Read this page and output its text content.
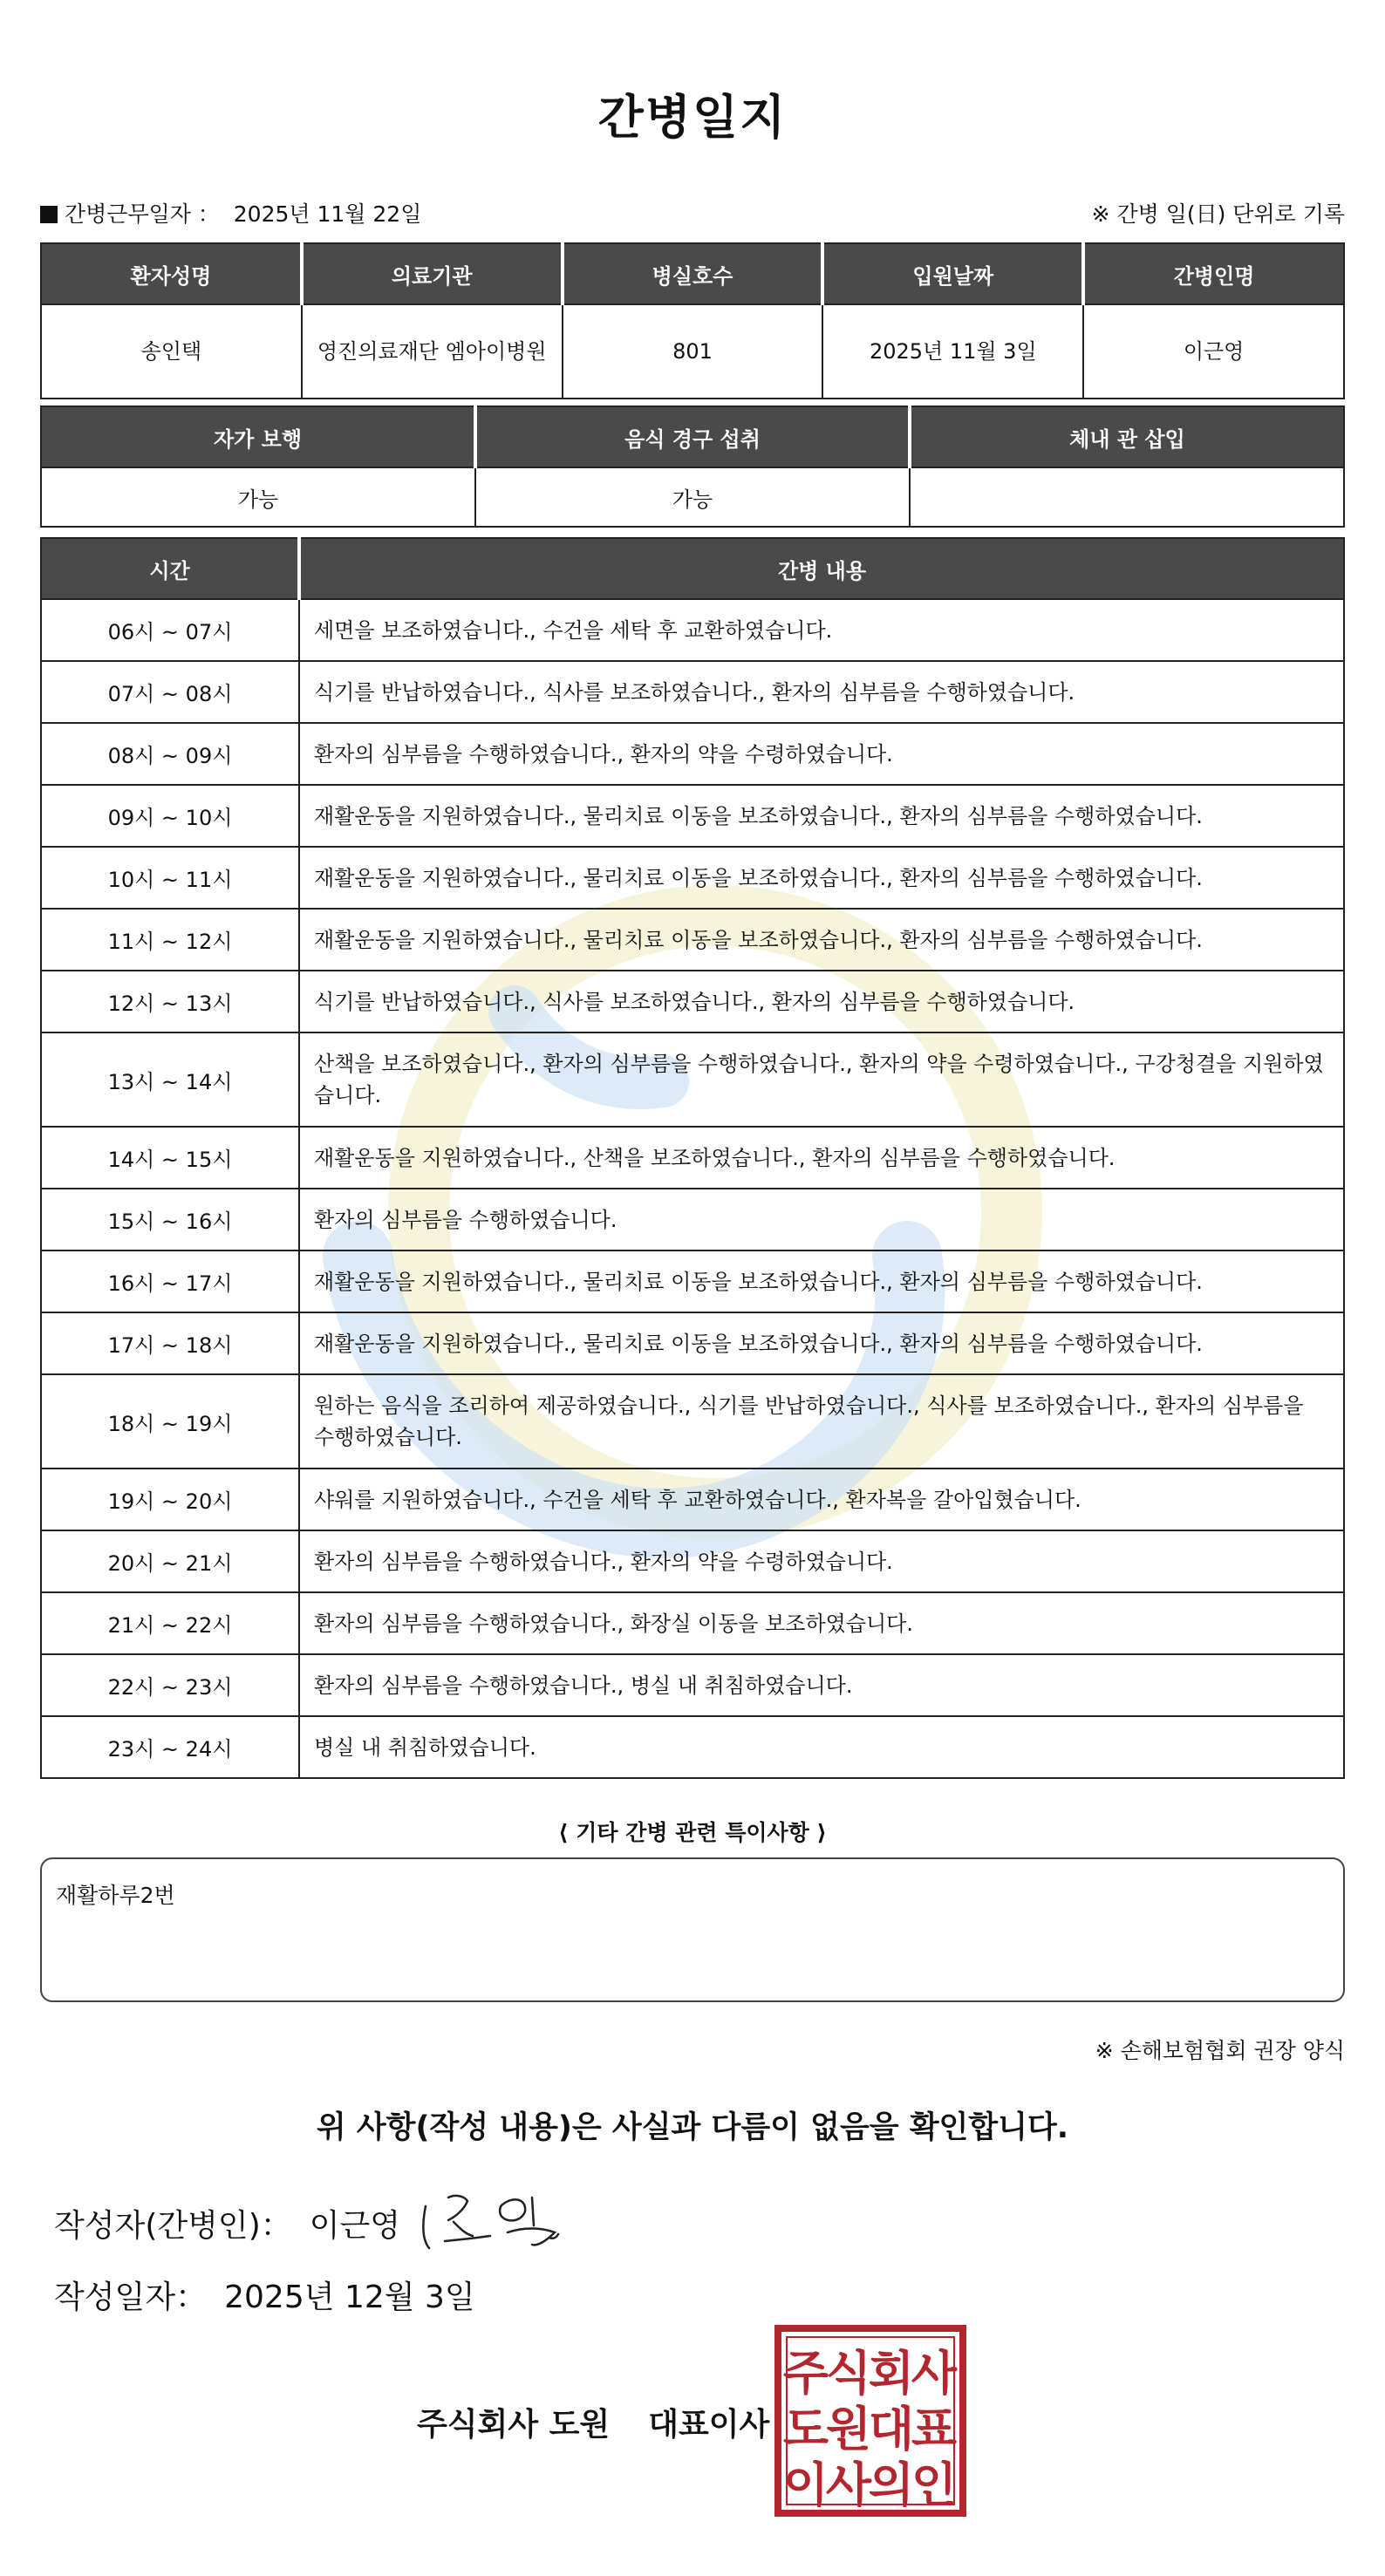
간병일지
간병근무일자 ： 2025년 11월 22일	※ 간병 일(日) 단위로 기록
환자성명	의료기관	병실호수	입원날짜	간병인명
송인택	영진의료재단 엠아이병원	801	2025년 11월 3일	이근영
자가 보행	음식 경구 섭취	체내 관 삽입
가능	가능	
시간	간병 내용
06시 ~ 07시	세면을 보조하였습니다., 수건을 세탁 후 교환하였습니다.
07시 ~ 08시	식기를 반납하였습니다., 식사를 보조하였습니다., 환자의 심부름을 수행하였습니다.
08시 ~ 09시	환자의 심부름을 수행하였습니다., 환자의 약을 수령하였습니다.
09시 ~ 10시	재활운동을 지원하였습니다., 물리치료 이동을 보조하였습니다., 환자의 심부름을 수행하였습니다.
10시 ~ 11시	재활운동을 지원하였습니다., 물리치료 이동을 보조하였습니다., 환자의 심부름을 수행하였습니다.
11시 ~ 12시	재활운동을 지원하였습니다., 물리치료 이동을 보조하였습니다., 환자의 심부름을 수행하였습니다.
12시 ~ 13시	식기를 반납하였습니다., 식사를 보조하였습니다., 환자의 심부름을 수행하였습니다.
13시 ~ 14시	산책을 보조하였습니다., 환자의 심부름을 수행하였습니다., 환자의 약을 수령하였습니다., 구강청결을 지원하였습니다.
14시 ~ 15시	재활운동을 지원하였습니다., 산책을 보조하였습니다., 환자의 심부름을 수행하였습니다.
15시 ~ 16시	환자의 심부름을 수행하였습니다.
16시 ~ 17시	재활운동을 지원하였습니다., 물리치료 이동을 보조하였습니다., 환자의 심부름을 수행하였습니다.
17시 ~ 18시	재활운동을 지원하였습니다., 물리치료 이동을 보조하였습니다., 환자의 심부름을 수행하였습니다.
18시 ~ 19시	원하는 음식을 조리하여 제공하였습니다., 식기를 반납하였습니다., 식사를 보조하였습니다., 환자의 심부름을 수행하였습니다.
19시 ~ 20시	샤워를 지원하였습니다., 수건을 세탁 후 교환하였습니다., 환자복을 갈아입혔습니다.
20시 ~ 21시	환자의 심부름을 수행하였습니다., 환자의 약을 수령하였습니다.
21시 ~ 22시	환자의 심부름을 수행하였습니다., 화장실 이동을 보조하였습니다.
22시 ~ 23시	환자의 심부름을 수행하였습니다., 병실 내 취침하였습니다.
23시 ~ 24시	병실 내 취침하였습니다.
⟨ 기타 간병 관련 특이사항 ⟩
재활하루2번
※ 손해보험협회 권장 양식
위 사항(작성 내용)은 사실과 다름이 없음을 확인합니다.
작성자(간병인)： 이근영
작성일자： 2025년 12월 3일
주식회사 도원 대표이사
주식회사 도원대표 이사의인
